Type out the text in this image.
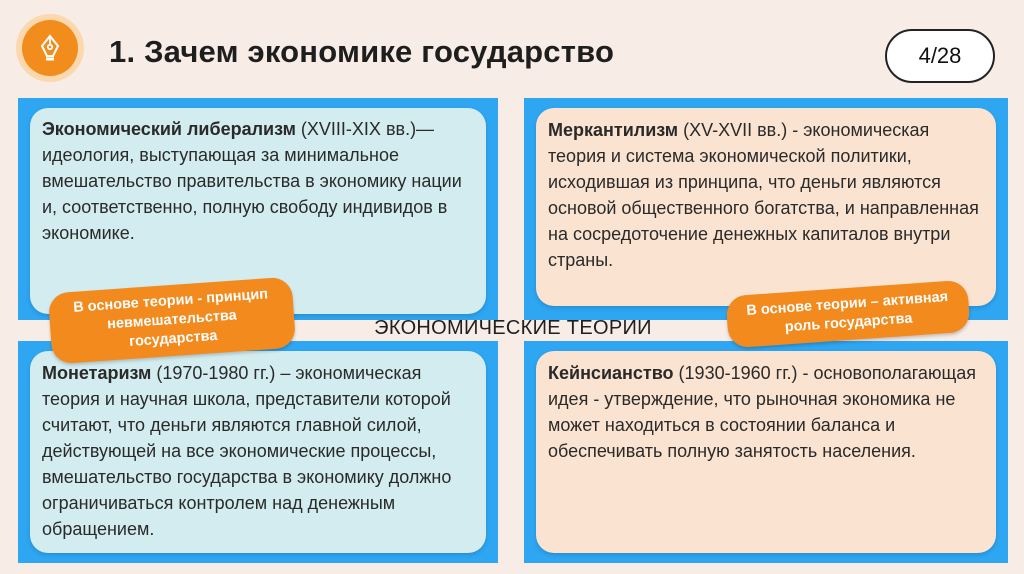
1. Зачем экономике государство	4/28
Экономический либерализм (XVIII-XIX вв.)— идеология, выступающая за минимальное вмешательство правительства в экономику нации и, соответственно, полную свободу индивидов в экономике.
Меркантилизм (XV-XVII вв.) - экономическая теория и система экономической политики, исходившая из принципа, что деньги являются основой общественного богатства, и направленная на сосредоточение денежных капиталов внутри страны.
Монетаризм (1970-1980 гг.) – экономическая теория и научная школа, представители которой считают, что деньги являются главной силой, действующей на все экономические процессы, вмешательство государства в экономику должно ограничиваться контролем над денежным обращением.
Кейнсианство (1930-1960 гг.) - основополагающая идея - утверждение, что рыночная экономика не может находиться в состоянии баланса и обеспечивать полную занятость населения.
ЭКОНОМИЧЕСКИЕ ТЕОРИИ
В основе теории - принцип невмешательства государства
В основе теории – активная роль государства
